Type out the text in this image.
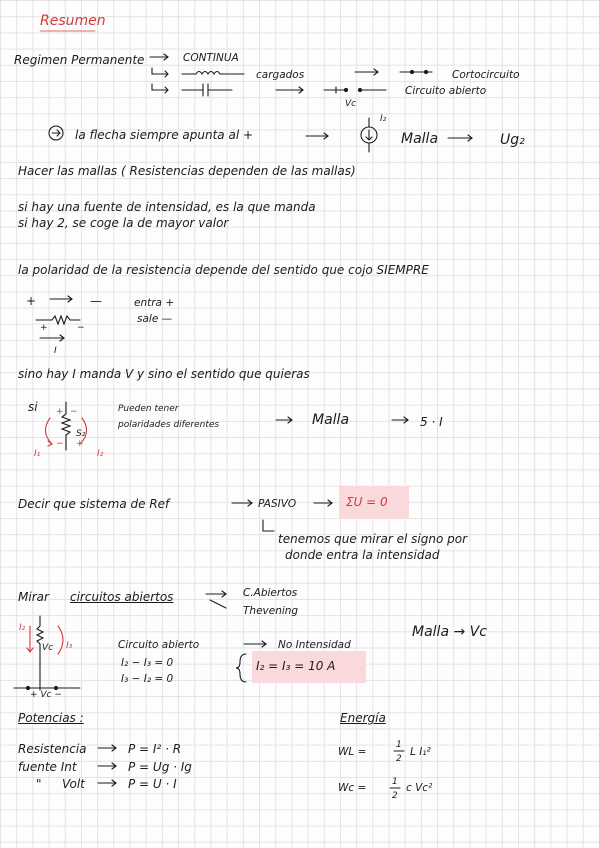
Resumen
Regimen Permanente	CONTINUA
cargados	Cortocircuito
Circuito abierto
Vc
la flecha siempre apunta al +	Malla	Ug₂
I₂
Hacer las mallas ( Resistencias dependen de las mallas)
si hay una fuente de intensidad, es la que manda
si hay 2, se coge la de mayor valor
la polaridad de la resistencia depende del sentido que cojo SIEMPRE
+	—	entra +
sale —
I
sino hay I manda V y sino el sentido que quieras
si	Pueden tener
polaridades diferentes	Malla	5 · I
I₁	I₂
S₂
Decir que sistema de Ref	PASIVO	ΣU = 0
tenemos que mirar el signo por
donde entra la intensidad
Mirar circuitos abiertos	C.Abiertos
Thevening
Malla → Vc
Circuito abierto	No Intensidad
I₂ − I₃ = 0
I₃ − I₂ = 0
I₂ = I₃ = 10 A
I₂
I₃
Vc
+ Vc −
Potencias :
Resistencia	P = I² · R
fuente Int	P = Ug · Ig
" Volt	P = U · I
Energía
WL =
1
2
L I₁²
Wc =	1
2
c Vc²
+	−
+ −
− +
